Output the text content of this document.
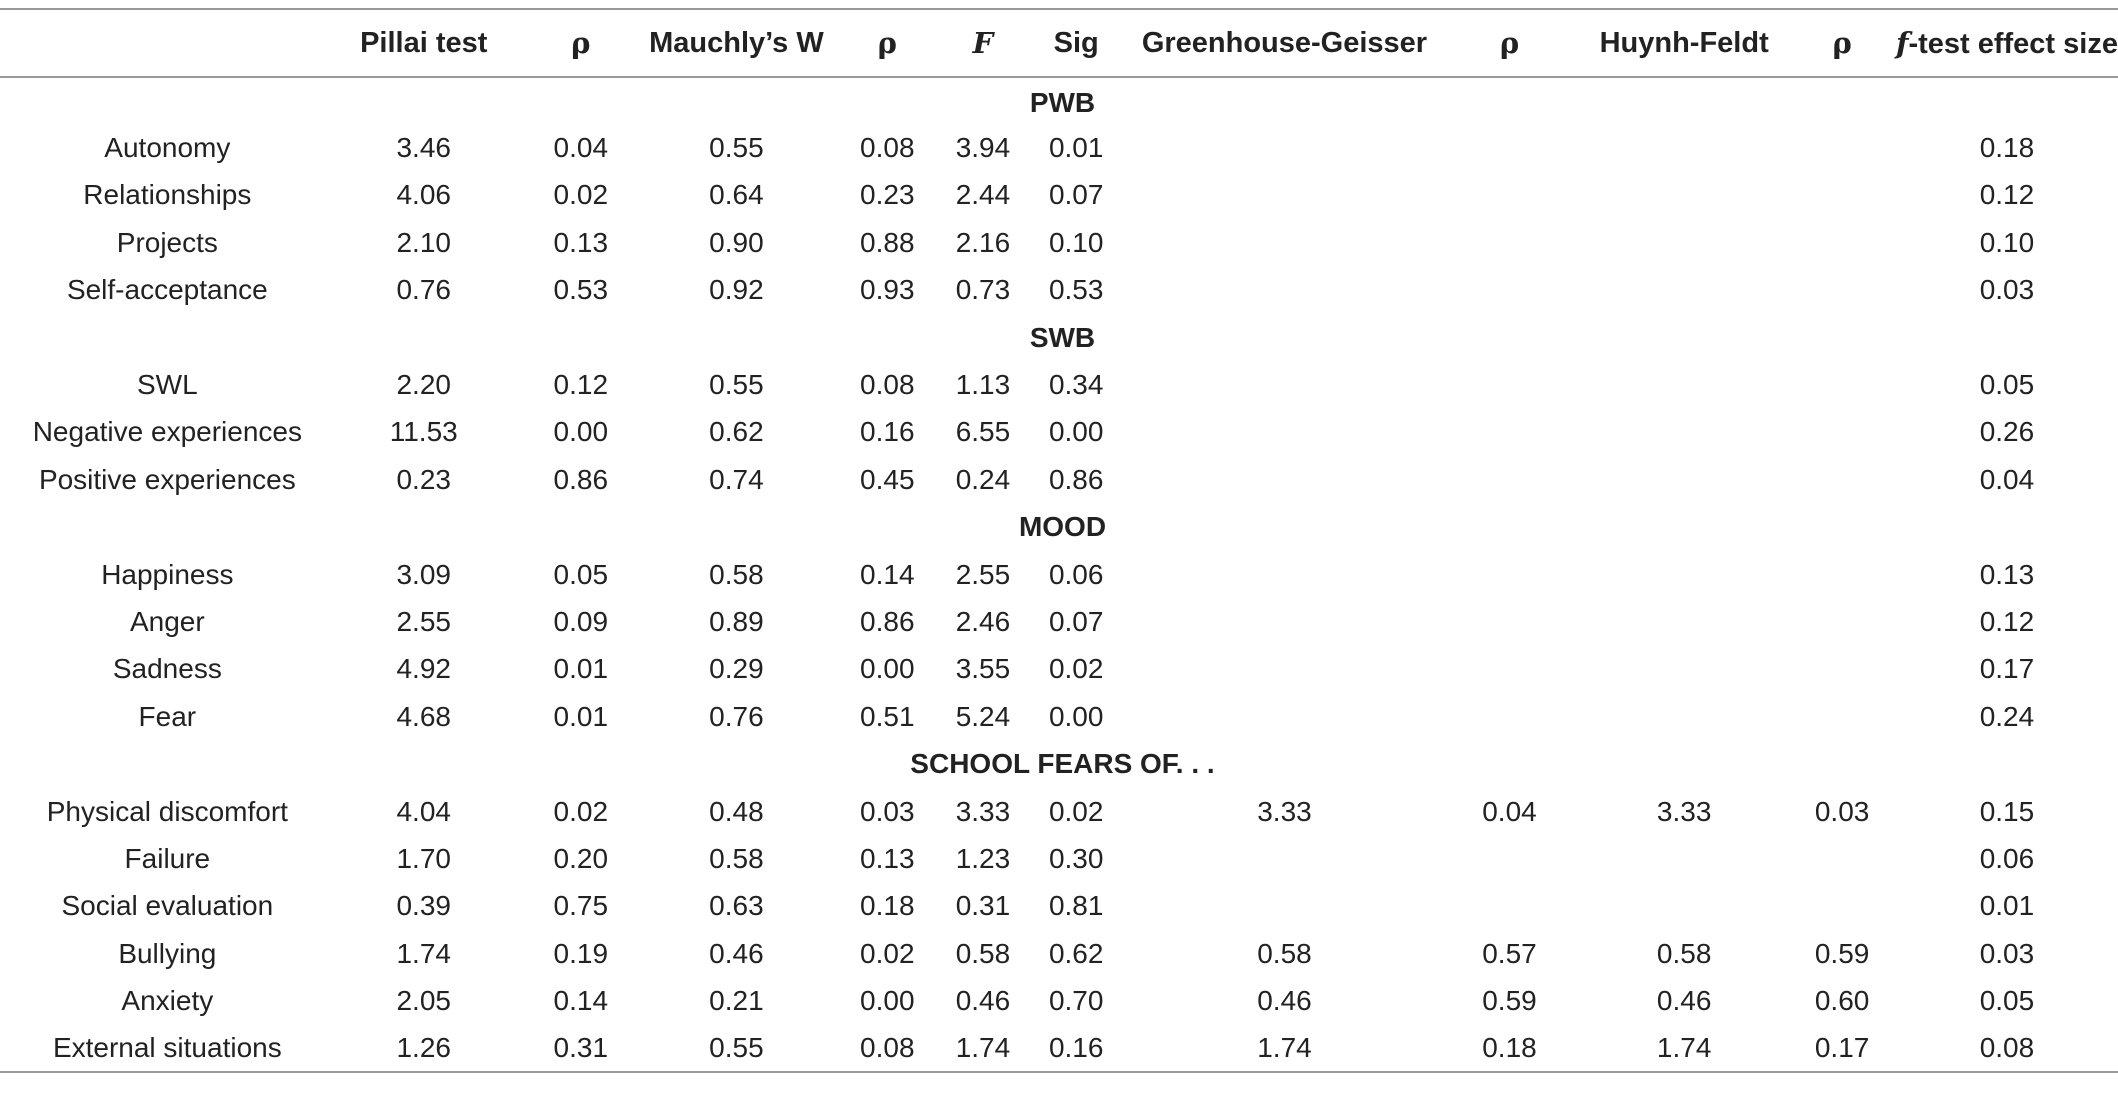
	Pillai test	ρ	Mauchly’s W	ρ	F	Sig	Greenhouse-Geisser	ρ	Huynh-Feldt	ρ	f-test effect size
PWB											
Autonomy	3.46	0.04	0.55	0.08	3.94	0.01					0.18
Relationships	4.06	0.02	0.64	0.23	2.44	0.07					0.12
Projects	2.10	0.13	0.90	0.88	2.16	0.10					0.10
Self-acceptance	0.76	0.53	0.92	0.93	0.73	0.53					0.03
SWB											
SWL	2.20	0.12	0.55	0.08	1.13	0.34					0.05
Negative experiences	11.53	0.00	0.62	0.16	6.55	0.00					0.26
Positive experiences	0.23	0.86	0.74	0.45	0.24	0.86					0.04
MOOD											
Happiness	3.09	0.05	0.58	0.14	2.55	0.06					0.13
Anger	2.55	0.09	0.89	0.86	2.46	0.07					0.12
Sadness	4.92	0.01	0.29	0.00	3.55	0.02					0.17
Fear	4.68	0.01	0.76	0.51	5.24	0.00					0.24
SCHOOL FEARS OF. . .											
Physical discomfort	4.04	0.02	0.48	0.03	3.33	0.02	3.33	0.04	3.33	0.03	0.15
Failure	1.70	0.20	0.58	0.13	1.23	0.30					0.06
Social evaluation	0.39	0.75	0.63	0.18	0.31	0.81					0.01
Bullying	1.74	0.19	0.46	0.02	0.58	0.62	0.58	0.57	0.58	0.59	0.03
Anxiety	2.05	0.14	0.21	0.00	0.46	0.70	0.46	0.59	0.46	0.60	0.05
External situations	1.26	0.31	0.55	0.08	1.74	0.16	1.74	0.18	1.74	0.17	0.08
